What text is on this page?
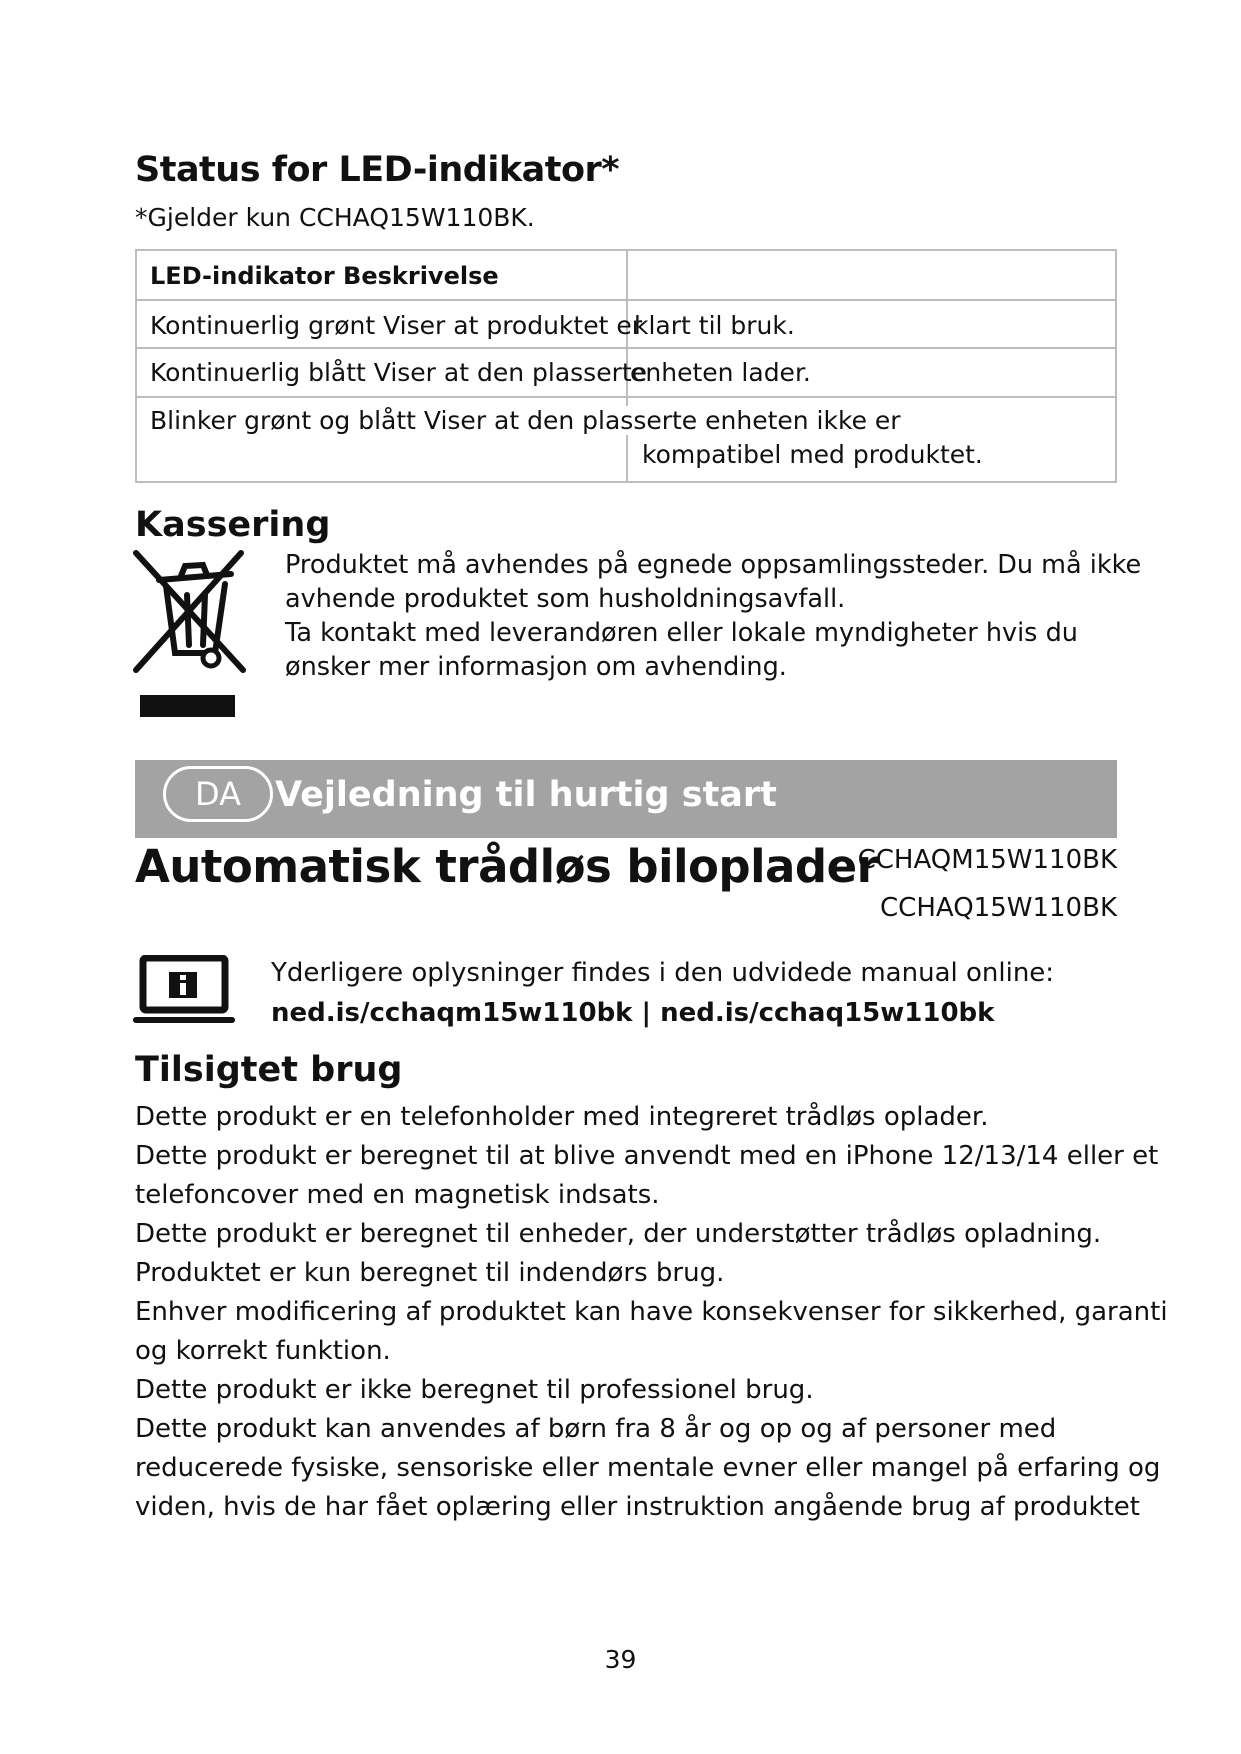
Status for LED-indikator*
*Gjelder kun CCHAQ15W110BK.
LED-indikator Beskrivelse
Kontinuerlig grønt Viser at produktet er
klart til bruk.
Kontinuerlig blått Viser at den plasserte
enheten lader.
Blinker grønt og blått Viser at den plasserte enheten ikke er
kompatibel med produktet.
Kassering
Produktet må avhendes på egnede oppsamlingssteder. Du må ikke
avhende produktet som husholdningsavfall.
Ta kontakt med leverandøren eller lokale myndigheter hvis du
ønsker mer informasjon om avhending.
DA Vejledning til hurtig start
Automatisk trådløs biloplader
CCHAQM15W110BK
CCHAQ15W110BK
Yderligere oplysninger findes i den udvidede manual online:
ned.is/cchaqm15w110bk | ned.is/cchaq15w110bk
Tilsigtet brug
Dette produkt er en telefonholder med integreret trådløs oplader.
Dette produkt er beregnet til at blive anvendt med en iPhone 12/13/14 eller et
telefoncover med en magnetisk indsats.
Dette produkt er beregnet til enheder, der understøtter trådløs opladning.
Produktet er kun beregnet til indendørs brug.
Enhver modificering af produktet kan have konsekvenser for sikkerhed, garanti
og korrekt funktion.
Dette produkt er ikke beregnet til professionel brug.
Dette produkt kan anvendes af børn fra 8 år og op og af personer med
reducerede fysiske, sensoriske eller mentale evner eller mangel på erfaring og
viden, hvis de har fået oplæring eller instruktion angående brug af produktet
39
